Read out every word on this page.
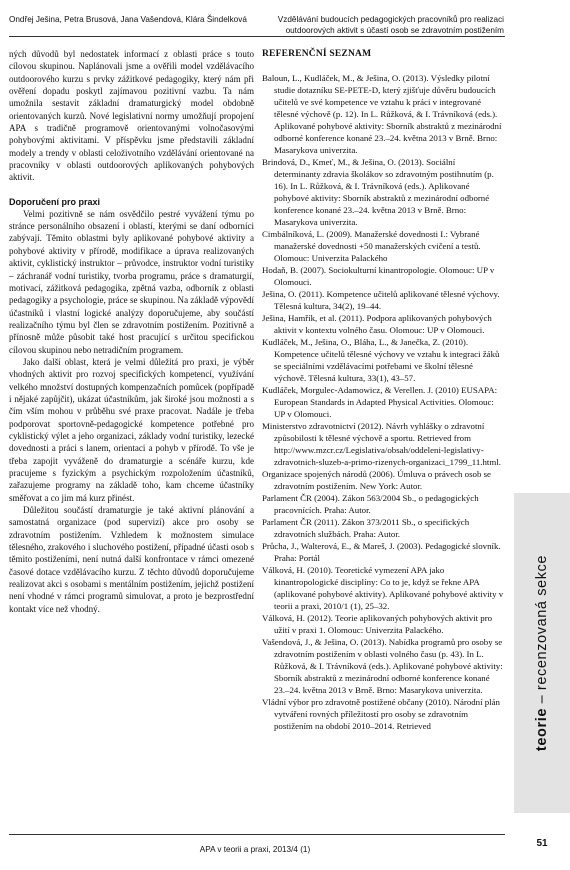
Ondřej Ješina, Petra Brusová, Jana Vašendová, Klára Šindelková	Vzdělávání budoucích pedagogických pracovníků pro realizaci
outdoorových aktivit s účastí osob se zdravotním postižením

ných důvodů byl nedostatek informací z oblasti práce s touto cílovou skupinou. Naplánovali jsme a ověřili model vzdělávacího outdoorového kurzu s prvky zážitkové pedagogiky, který nám při ověření dopadu poskytl zajímavou pozitivní vazbu. Ta nám umožnila sestavit základní dramaturgický model obdobně orientovaných kurzů. Nové legislativní normy umožňují propojení APA s tradičně programově orientovanými volnočasovými pohybovými aktivitami. V příspěvku jsme představili základní modely a trendy v oblasti celoživotního vzdělávání orientované na pracovníky v oblasti outdoorových aplikovaných pohybových aktivit.

Doporučení pro praxi

Velmi pozitivně se nám osvědčilo pestré vyvážení týmu po stránce personálního obsazení i oblastí, kterými se daní odborníci zabývají. Těmito oblastmi byly aplikované pohybové aktivity a pohybové aktivity v přírodě, modifikace a úprava realizovaných aktivit, cyklistický instruktor – průvodce, instruktor vodní turistiky – záchranář vodní turistiky, tvorba programu, práce s dramaturgií, motivací, zážitková pedagogika, zpětná vazba, odborník z oblasti pedagogiky a psychologie, práce se skupinou. Na základě výpovědí účastníků i vlastní logické analýzy doporučujeme, aby součástí realizačního týmu byl člen se zdravotním postižením. Pozitivně a přínosně může působit také host pracující s určitou specifickou cílovou skupinou nebo netradičním programem.

Jako další oblast, která je velmi důležitá pro praxi, je výběr vhodných aktivit pro rozvoj specifických kompetencí, využívání velkého množství dostupných kompenzačních pomůcek (popřípadě i nějaké zapůjčit), ukázat účastníkům, jak široké jsou možnosti a s čím vším mohou v průběhu své praxe pracovat. Nadále je třeba podporovat sportovně-pedagogické kompetence potřebné pro cyklistický výlet a jeho organizaci, základy vodní turistiky, lezecké dovednosti a práci s lanem, orientaci a pohyb v přírodě. To vše je třeba zapojit vyváženě do dramaturgie a scénáře kurzu, kde pracujeme s fyzickým a psychickým rozpoložením účastníků, zařazujeme programy na základě toho, kam chceme účastníky směřovat a co jim má kurz přinést.

Důležitou součástí dramaturgie je také aktivní plánování a samostatná organizace (pod supervizí) akce pro osoby se zdravotním postižením. Vzhledem k možnostem simulace tělesného, zrakového i sluchového postižení, případné účasti osob s těmito postiženími, není nutná další konfrontace v rámci omezené časové dotace vzdělávacího kurzu. Z těchto důvodů doporučujeme realizovat akci s osobami s mentálním postižením, jejichž postižení není vhodné v rámci programů simulovat, a proto je bezprostřední kontakt více než vhodný.

REFERENČNÍ SEZNAM
Baloun, L., Kudláček, M., & Ješina, O. (2013). Výsledky pilotní studie dotazníku SE-PETE-D, který zjišťuje důvěru budoucích učitelů ve své kompetence ve vztahu k práci v integrované tělesné výchově (p. 12). In L. Růžková, & I. Trávníková (eds.). Aplikované pohybové aktivity: Sborník abstraktů z mezinárodní odborné konference konané 23.–24. května 2013 v Brně. Brno: Masarykova univerzita.
Brindová, D., Kmeť, M., & Ješina, O. (2013). Sociální determinanty zdravia školákov so zdravotným postihnutím (p. 16). In L. Růžková, & I. Trávníková (eds.). Aplikované pohybové aktivity: Sborník abstraktů z mezinárodní odborné konference konané 23.–24. května 2013 v Brně. Brno: Masarykova univerzita.
Cimbálníková, L. (2009). Manažerské dovednosti I.: Vybrané manažerské dovednosti +50 manažerských cvičení a testů. Olomouc: Univerzita Palackého
Hodaň, B. (2007). Sociokulturní kinantropologie. Olomouc: UP v Olomouci.
Ješina, O. (2011). Kompetence učitelů aplikované tělesné výchovy. Tělesná kultura, 34(2), 19–44.
Ješina, Hamřík, et al. (2011). Podpora aplikovaných pohybových aktivit v kontextu volného času. Olomouc: UP v Olomouci.
Kudláček, M., Ješina, O., Bláha, L., & Janečka, Z. (2010). Kompetence učitelů tělesné výchovy ve vztahu k integraci žáků se speciálními vzdělávacími potřebami ve školní tělesné výchově. Tělesná kultura, 33(1), 43–57.
Kudláček, Morgulec-Adamowicz, & Verellen. J. (2010) EUSAPA: European Standards in Adapted Physical Activities. Olomouc: UP v Olomouci.
Ministerstvo zdravotnictví (2012). Návrh vyhlášky o zdravotní způsobilosti k tělesné výchově a sportu. Retrieved from http://www.mzcr.cz/Legislativa/obsah/oddeleni-legislativy-zdravotnich-sluzeb-a-primo-rizenych-organizaci_1799_11.html.
Organizace spojených národů (2006). Úmluva o právech osob se zdravotním postižením. New York: Autor.
Parlament ČR (2004). Zákon 563/2004 Sb., o pedagogických pracovnících. Praha: Autor.
Parlament ČR (2011). Zákon 373/2011 Sb., o specifických zdravotních službách. Praha: Autor.
Průcha, J., Walterová, E., & Mareš, J. (2003). Pedagogické slovník. Praha: Portál
Válková, H. (2010). Teoretické vymezení APA jako kinantropologické disciplíny: Co to je, když se řekne APA (aplikované pohybové aktivity). Aplikované pohybové aktivity v teorii a praxi, 2010/1 (1), 25–32.
Válková, H. (2012). Teorie aplikovaných pohybových aktivit pro užití v praxi 1. Olomouc: Univerzita Palackého.
Vašendová, J., & Ješina, O. (2013). Nabídka programů pro osoby se zdravotním postižením v oblasti volného času (p. 43). In L. Růžková, & I. Trávníková (eds.). Aplikované pohybové aktivity: Sborník abstraktů z mezinárodní odborné konference konané 23.–24. května 2013 v Brně. Brno: Masarykova univerzita.
Vládní výbor pro zdravotně postižené občany (2010). Národní plán vytváření rovných příležitostí pro osoby se zdravotním postižením na období 2010–2014. Retrieved	teorie – recenzovaná sekce
APA v teorii a praxi, 2013/4 (1)
51
